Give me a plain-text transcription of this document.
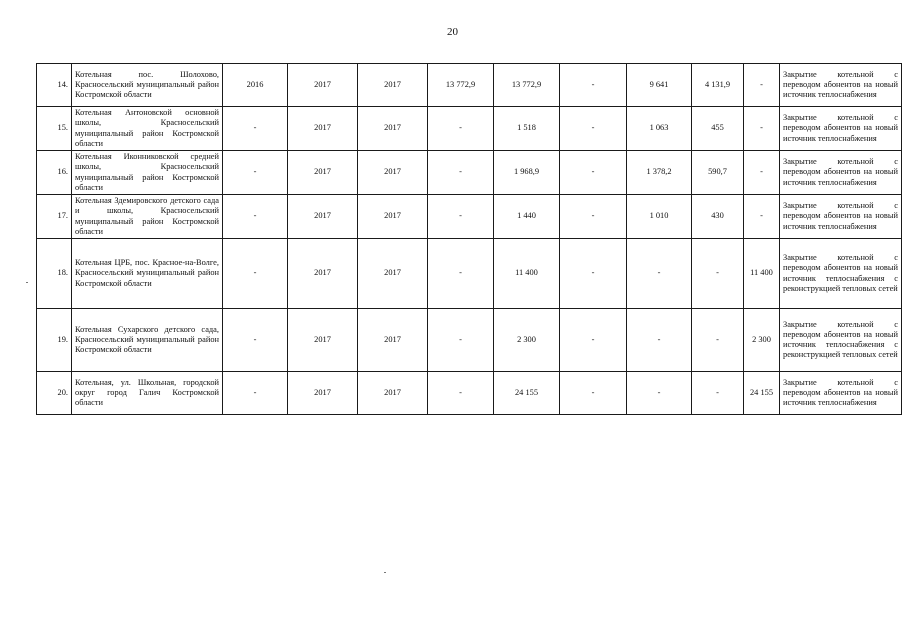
20
14.	Котельная пос. Шолохово, Красносельский муниципальный район Костромской области	2016	2017	2017	13 772,9	13 772,9	-	9 641	4 131,9	-	Закрытие котельной с переводом абонентов на новый источник теплоснабжения
15.	Котельная Антоновской основной школы, Красносельский муниципальный район Костромской области	-	2017	2017	-	1 518	-	1 063	455	-	Закрытие котельной с переводом абонентов на новый источник теплоснабжения
16.	Котельная Иконниковской средней школы, Красносельский муниципальный район Костромской области	-	2017	2017	-	1 968,9	-	1 378,2	590,7	-	Закрытие котельной с переводом абонентов на новый источник теплоснабжения
17.	Котельная Здемировского детского сада и школы, Красносельский муниципальный район Костромской области	-	2017	2017	-	1 440	-	1 010	430	-	Закрытие котельной с переводом абонентов на новый источник теплоснабжения
18.	Котельная ЦРБ, пос. Красное-на-Волге, Красносельский муниципальный район Костромской области	-	2017	2017	-	11 400	-	-	-	11 400	Закрытие котельной с переводом абонентов на новый источник теплоснабжения с реконструкцией тепловых сетей
19.	Котельная Сухарского детского сада, Красносельский муниципальный район Костромской области	-	2017	2017	-	2 300	-	-	-	2 300	Закрытие котельной с переводом абонентов на новый источник теплоснабжения с реконструкцией тепловых сетей
20.	Котельная, ул. Школьная, городской округ город Галич Костромской области	-	2017	2017	-	24 155	-	-	-	24 155	Закрытие котельной с переводом абонентов на новый источник теплоснабжения
